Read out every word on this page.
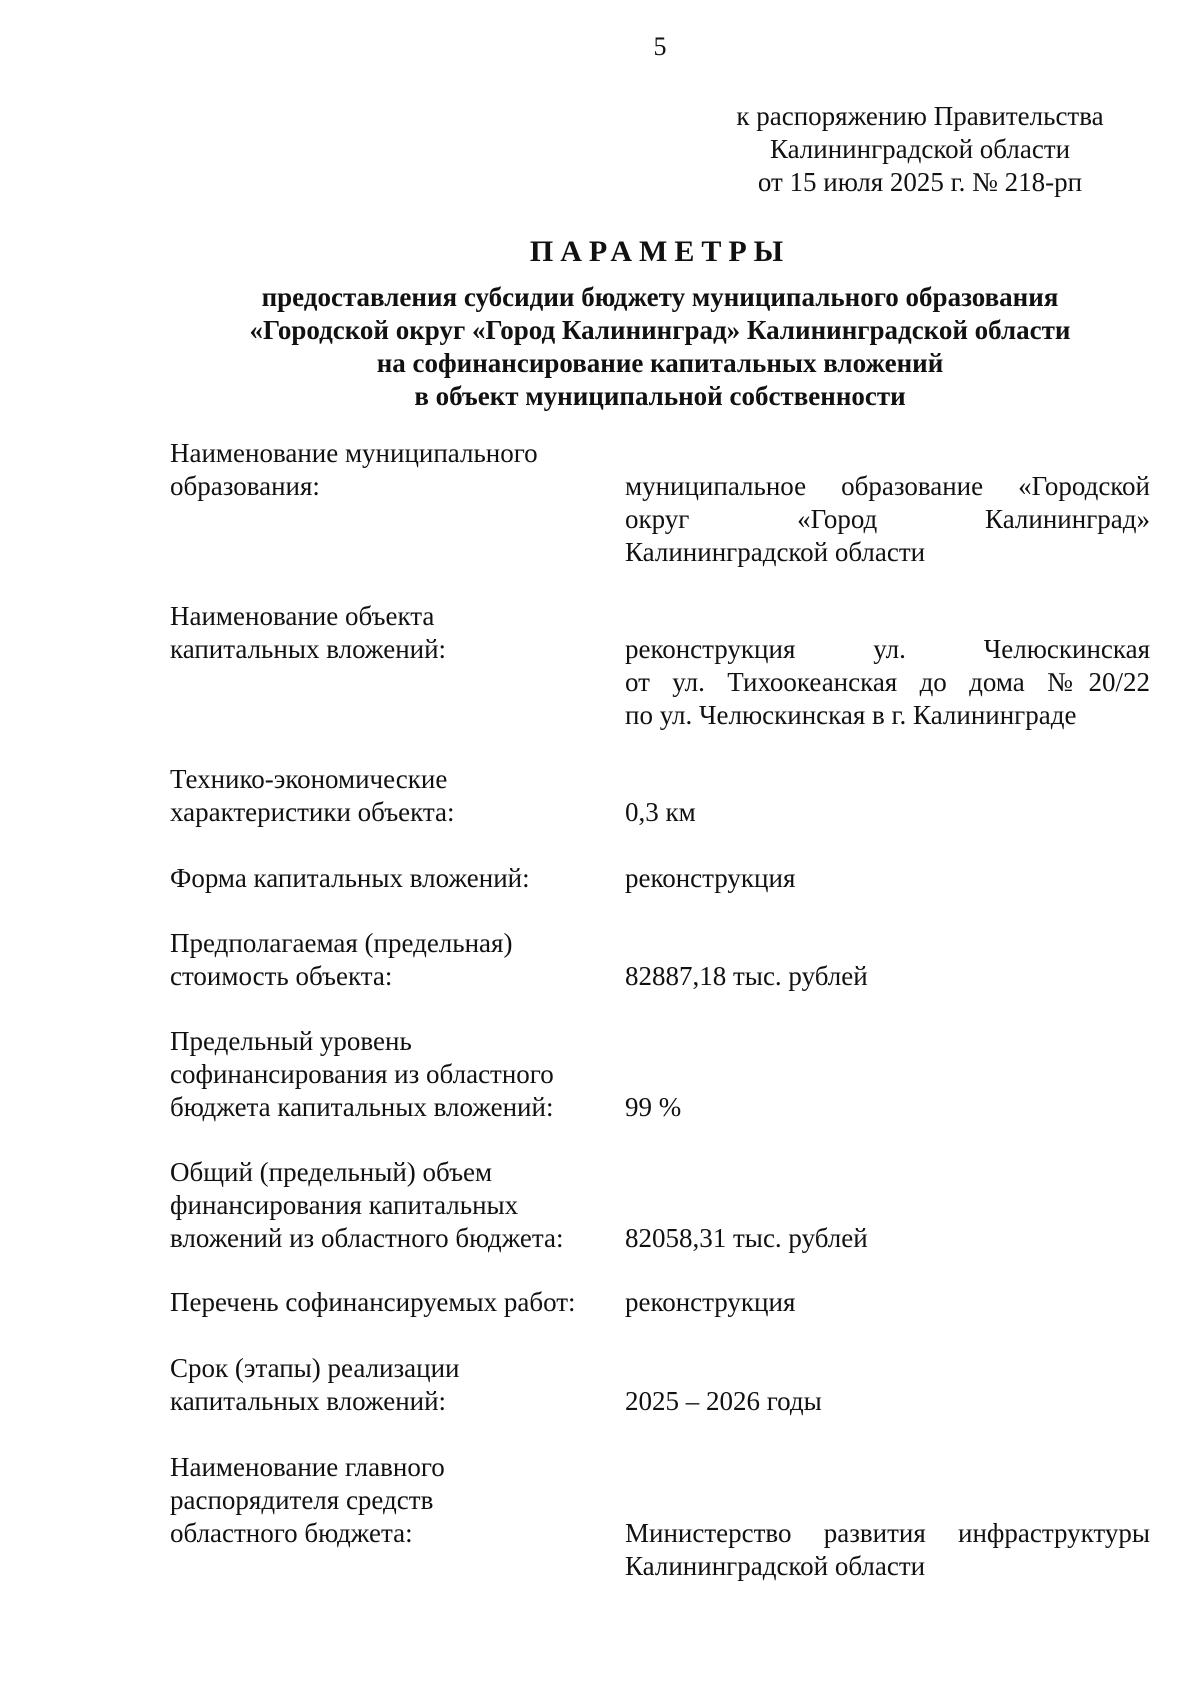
5
к распоряжению Правительства
Калининградской области
от 15 июля 2025 г. № 218-рп
ПАРАМЕТРЫ
предоставления субсидии бюджету муниципального образования
«Городской округ «Город Калининград» Калининградской области
на софинансирование капитальных вложений
в объект муниципальной собственности
Наименование муниципального
образования:	муниципальное образование «Городской
округ «Город Калининград»
Калининградской области
Наименование объекта
капитальных вложений:	реконструкция ул. Челюскинская
от ул. Тихоокеанская до дома №20/22
по ул. Челюскинская в г. Калининграде
Технико-экономические
характеристики объекта:	0,3 км
Форма капитальных вложений:	реконструкция
Предполагаемая (предельная)
стоимость объекта:	82887,18 тыс. рублей
Предельный уровень
софинансирования из областного
бюджета капитальных вложений:	99 %
Общий (предельный) объем
финансирования капитальных
вложений из областного бюджета:	82058,31 тыс. рублей
Перечень софинансируемых работ:	реконструкция
Срок (этапы) реализации
капитальных вложений:	2025 – 2026 годы
Наименование главного
распорядителя средств
областного бюджета:	Министерство развития инфраструктуры
Калининградской области
